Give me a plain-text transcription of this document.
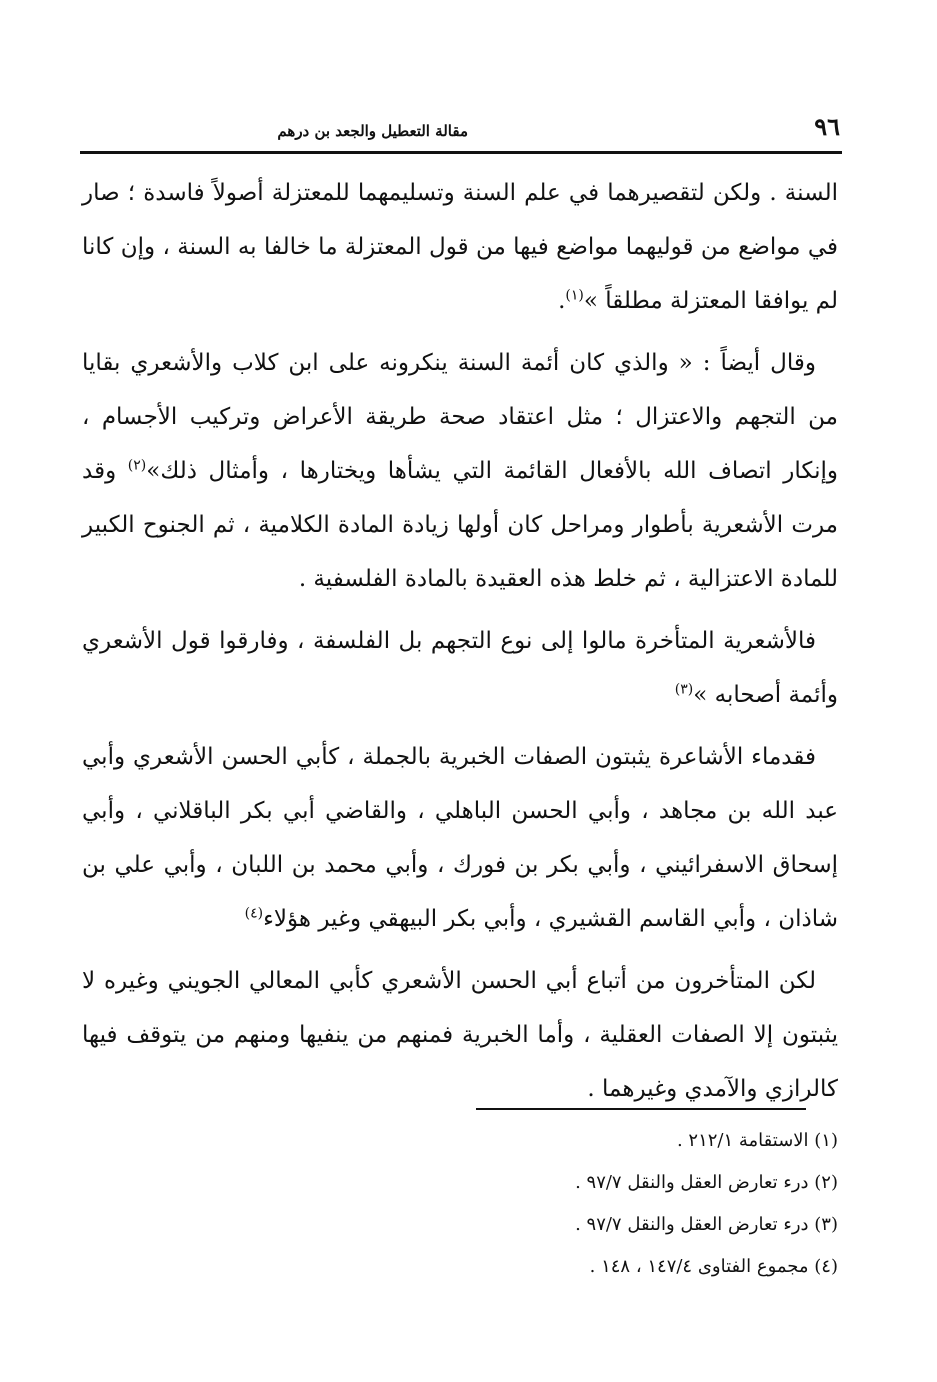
٩٦
مقالة التعطيل والجعد بن درهم

السنة . ولكن لتقصيرهما في علم السنة وتسليمهما للمعتزلة أصولاً فاسدة ؛ صار في مواضع من قوليهما مواضع فيها من قول المعتزلة ما خالفا به السنة ، وإن كانا لم يوافقا المعتزلة مطلقاً »$^{(١)}$.

وقال أيضاً : « والذي كان أئمة السنة ينكرونه على ابن كلاب والأشعري بقايا من التجهم والاعتزال ؛ مثل اعتقاد صحة طريقة الأعراض وتركيب الأجسام ، وإنكار اتصاف الله بالأفعال القائمة التي يشأها ويختارها ، وأمثال ذلك»$^{(٢)}$ وقد مرت الأشعرية بأطوار ومراحل كان أولها زيادة المادة الكلامية ، ثم الجنوح الكبير للمادة الاعتزالية ، ثم خلط هذه العقيدة بالمادة الفلسفية .

فالأشعرية المتأخرة مالوا إلى نوع التجهم بل الفلسفة ، وفارقوا قول الأشعري وأئمة أصحابه »$^{(٣)}$

فقدماء الأشاعرة يثبتون الصفات الخبرية بالجملة ، كأبي الحسن الأشعري وأبي عبد الله بن مجاهد ، وأبي الحسن الباهلي ، والقاضي أبي بكر الباقلاني ، وأبي إسحاق الاسفرائيني ، وأبي بكر بن فورك ، وأبي محمد بن اللبان ، وأبي علي بن شاذان ، وأبي القاسم القشيري ، وأبي بكر البيهقي وغير هؤلاء$^{(٤)}$

لكن المتأخرون من أتباع أبي الحسن الأشعري كأبي المعالي الجويني وغيره لا يثبتون إلا الصفات العقلية ، وأما الخبرية فمنهم من ينفيها ومنهم من يتوقف فيها كالرازي والآمدي وغيرهما .

(١) الاستقامة ٢١٢/١ .
(٢) درء تعارض العقل والنقل ٩٧/٧ .
(٣) درء تعارض العقل والنقل ٩٧/٧ .
(٤) مجموع الفتاوى ١٤٧/٤ ، ١٤٨ .
